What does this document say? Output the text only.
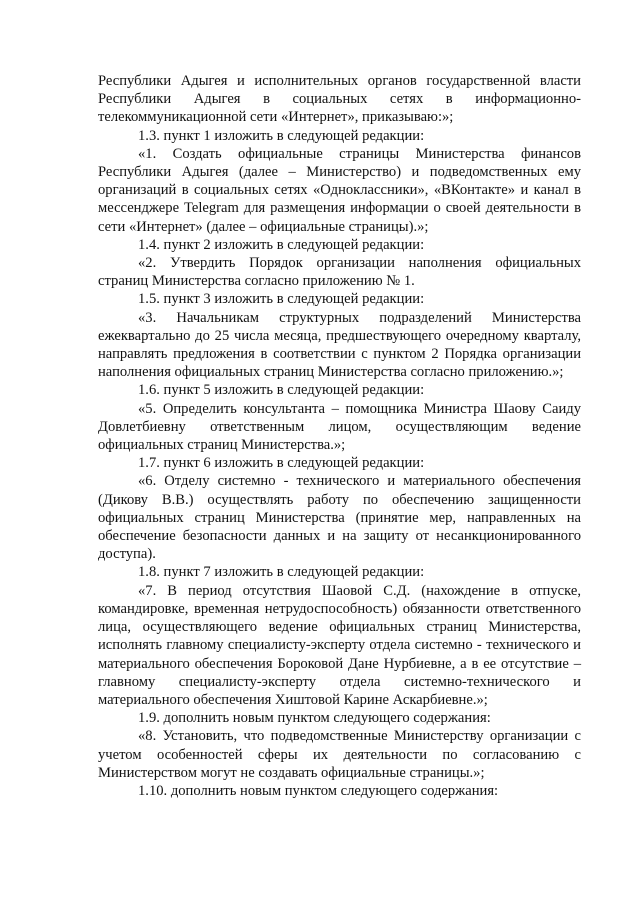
Республики Адыгея и исполнительных органов государственной власти Республики Адыгея в социальных сетях в информационно-телекоммуникационной сети «Интернет», приказываю:»;

1.3. пункт 1 изложить в следующей редакции:

«1. Создать официальные страницы Министерства финансов Республики Адыгея (далее – Министерство) и подведомственных ему организаций в социальных сетях «Одноклассники», «ВКонтакте» и канал в мессенджере Telegram для размещения информации о своей деятельности в сети «Интернет» (далее – официальные страницы).»;

1.4. пункт 2 изложить в следующей редакции:

«2. Утвердить Порядок организации наполнения официальных страниц Министерства согласно приложению № 1.

1.5. пункт 3 изложить в следующей редакции:

«3. Начальникам структурных подразделений Министерства ежеквартально до 25 числа месяца, предшествующего очередному кварталу, направлять предложения в соответствии с пунктом 2 Порядка организации наполнения официальных страниц Министерства согласно приложению.»;

1.6. пункт 5 изложить в следующей редакции:

«5. Определить консультанта – помощника Министра Шаову Саиду Довлетбиевну ответственным лицом, осуществляющим ведение официальных страниц Министерства.»;

1.7. пункт 6 изложить в следующей редакции:

«6. Отделу системно - технического и материального обеспечения (Дикову В.В.) осуществлять работу по обеспечению защищенности официальных страниц Министерства (принятие мер, направленных на обеспечение безопасности данных и на защиту от несанкционированного доступа).

1.8. пункт 7 изложить в следующей редакции:

«7. В период отсутствия Шаовой С.Д. (нахождение в отпуске, командировке, временная нетрудоспособность) обязанности ответственного лица, осуществляющего ведение официальных страниц Министерства, исполнять главному специалисту-эксперту отдела системно - технического и материального обеспечения Бороковой Дане Нурбиевне, а в ее отсутствие – главному специалисту-эксперту отдела системно-технического и материального обеспечения Хиштовой Карине Аскарбиевне.»;

1.9. дополнить новым пунктом следующего содержания:

«8. Установить, что подведомственные Министерству организации с учетом особенностей сферы их деятельности по согласованию с Министерством могут не создавать официальные страницы.»;

1.10. дополнить новым пунктом следующего содержания:
